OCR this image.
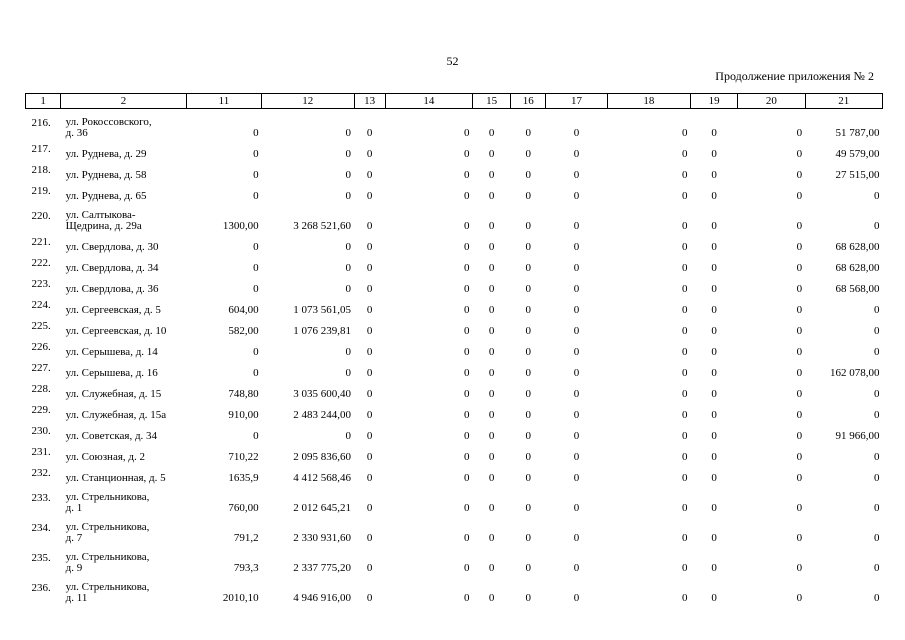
52
Продолжение приложения № 2
1	2	11	12	13	14	15	16	17	18	19	20	21
216.	ул. Рокоссовского,
д. 36	0	0	0	0	0	0	0	0	0	0	51 787,00
217.	ул. Руднева, д. 29	0	0	0	0	0	0	0	0	0	0	49 579,00
218.	ул. Руднева, д. 58	0	0	0	0	0	0	0	0	0	0	27 515,00
219.	ул. Руднева, д. 65	0	0	0	0	0	0	0	0	0	0	0
220.	ул. Салтыкова-
Щедрина, д. 29а	1300,00	3 268 521,60	0	0	0	0	0	0	0	0	0
221.	ул. Свердлова, д. 30	0	0	0	0	0	0	0	0	0	0	68 628,00
222.	ул. Свердлова, д. 34	0	0	0	0	0	0	0	0	0	0	68 628,00
223.	ул. Свердлова, д. 36	0	0	0	0	0	0	0	0	0	0	68 568,00
224.	ул. Сергеевская, д. 5	604,00	1 073 561,05	0	0	0	0	0	0	0	0	0
225.	ул. Сергеевская, д. 10	582,00	1 076 239,81	0	0	0	0	0	0	0	0	0
226.	ул. Серышева, д. 14	0	0	0	0	0	0	0	0	0	0	0
227.	ул. Серышева, д. 16	0	0	0	0	0	0	0	0	0	0	162 078,00
228.	ул. Служебная, д. 15	748,80	3 035 600,40	0	0	0	0	0	0	0	0	0
229.	ул. Служебная, д. 15а	910,00	2 483 244,00	0	0	0	0	0	0	0	0	0
230.	ул. Советская, д. 34	0	0	0	0	0	0	0	0	0	0	91 966,00
231.	ул. Союзная, д. 2	710,22	2 095 836,60	0	0	0	0	0	0	0	0	0
232.	ул. Станционная, д. 5	1635,9	4 412 568,46	0	0	0	0	0	0	0	0	0
233.	ул. Стрельникова,
д. 1	760,00	2 012 645,21	0	0	0	0	0	0	0	0	0
234.	ул. Стрельникова,
д. 7	791,2	2 330 931,60	0	0	0	0	0	0	0	0	0
235.	ул. Стрельникова,
д. 9	793,3	2 337 775,20	0	0	0	0	0	0	0	0	0
236.	ул. Стрельникова,
д. 11	2010,10	4 946 916,00	0	0	0	0	0	0	0	0	0
